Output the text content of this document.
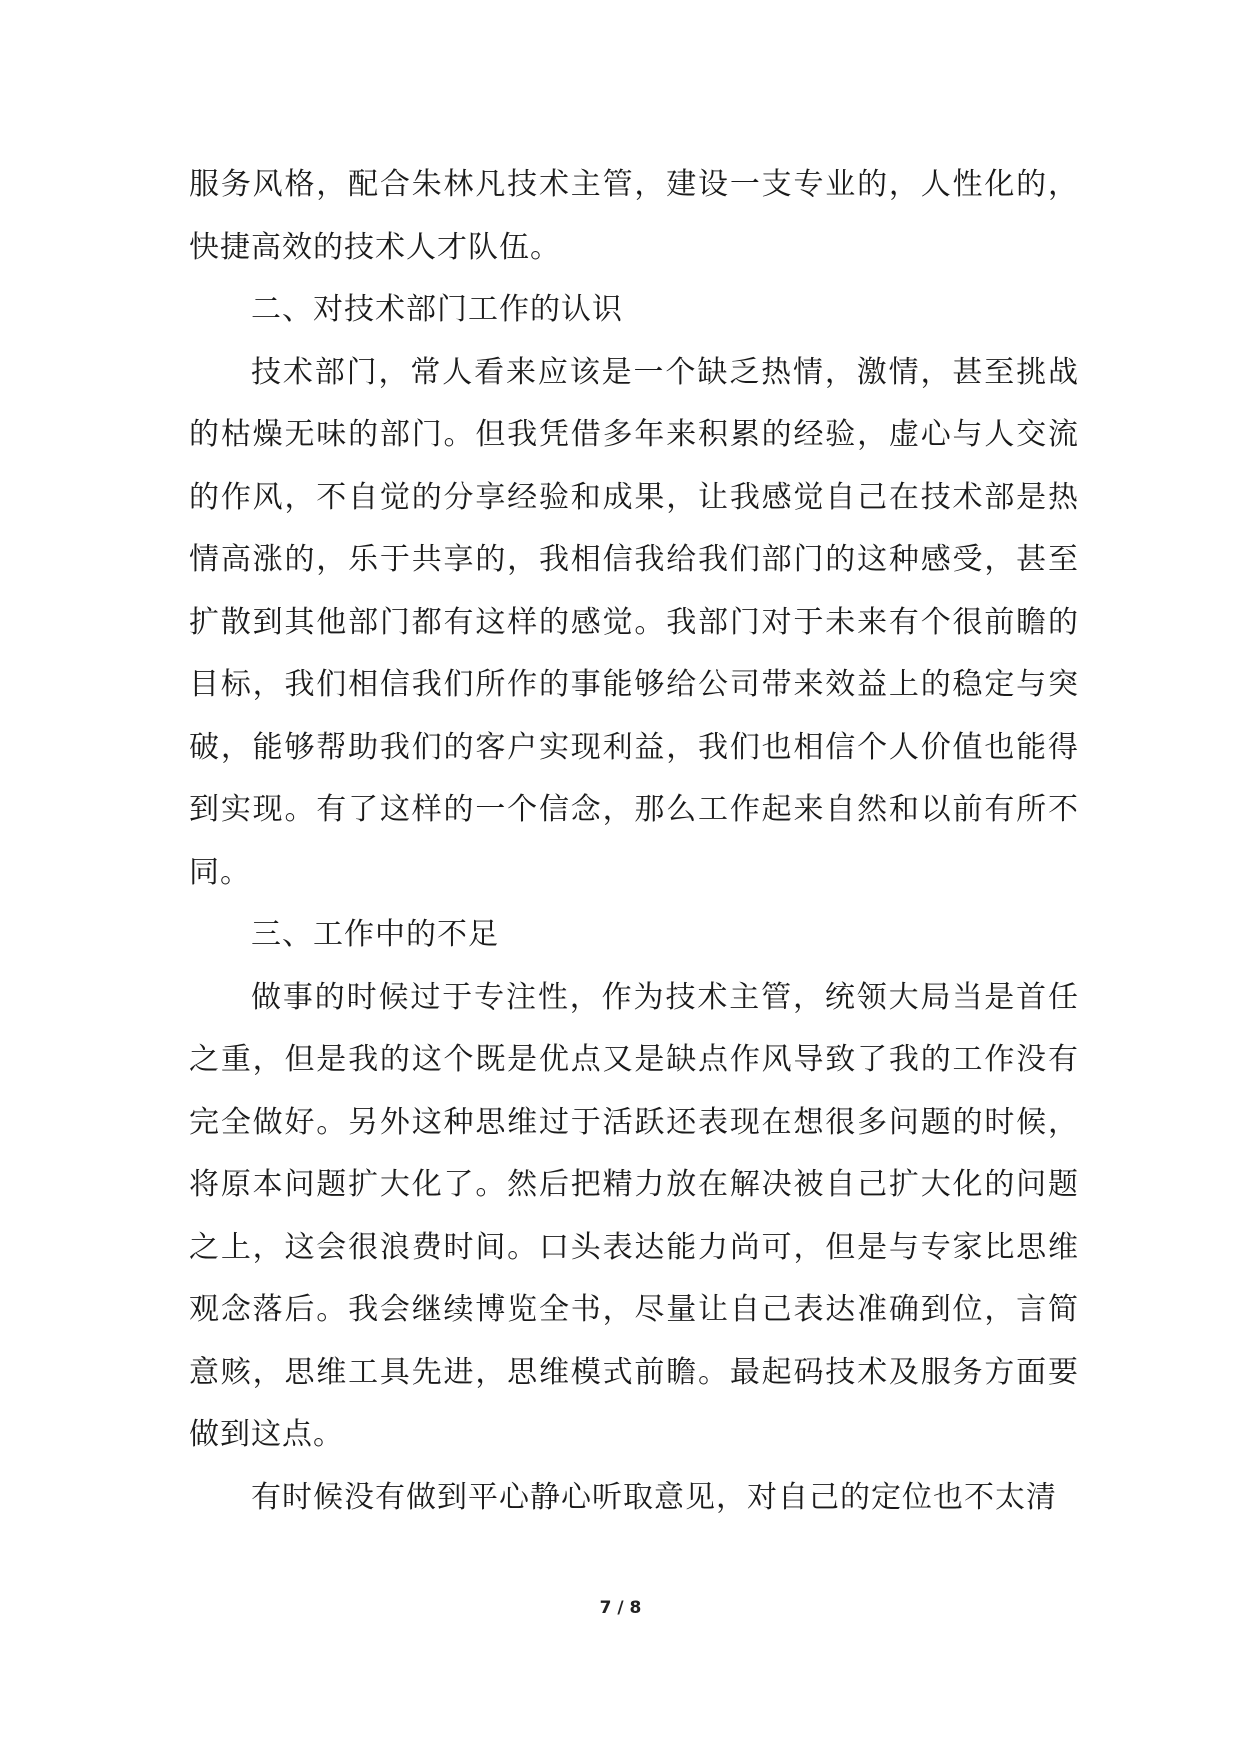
服务风格，配合朱林凡技术主管，建设一支专业的，人性化的，快捷高效的技术人才队伍。

二、对技术部门工作的认识

技术部门，常人看来应该是一个缺乏热情，激情，甚至挑战的枯燥无味的部门。但我凭借多年来积累的经验，虚心与人交流的作风，不自觉的分享经验和成果，让我感觉自己在技术部是热情高涨的，乐于共享的，我相信我给我们部门的这种感受，甚至扩散到其他部门都有这样的感觉。我部门对于未来有个很前瞻的目标，我们相信我们所作的事能够给公司带来效益上的稳定与突破，能够帮助我们的客户实现利益，我们也相信个人价值也能得到实现。有了这样的一个信念，那么工作起来自然和以前有所不同。

三、工作中的不足

做事的时候过于专注性，作为技术主管，统领大局当是首任之重，但是我的这个既是优点又是缺点作风导致了我的工作没有完全做好。另外这种思维过于活跃还表现在想很多问题的时候，将原本问题扩大化了。然后把精力放在解决被自己扩大化的问题之上，这会很浪费时间。口头表达能力尚可，但是与专家比思维观念落后。我会继续博览全书，尽量让自己表达准确到位，言简意赅，思维工具先进，思维模式前瞻。最起码技术及服务方面要做到这点。

有时候没有做到平心静心听取意见，对自己的定位也不太清

7 / 8
